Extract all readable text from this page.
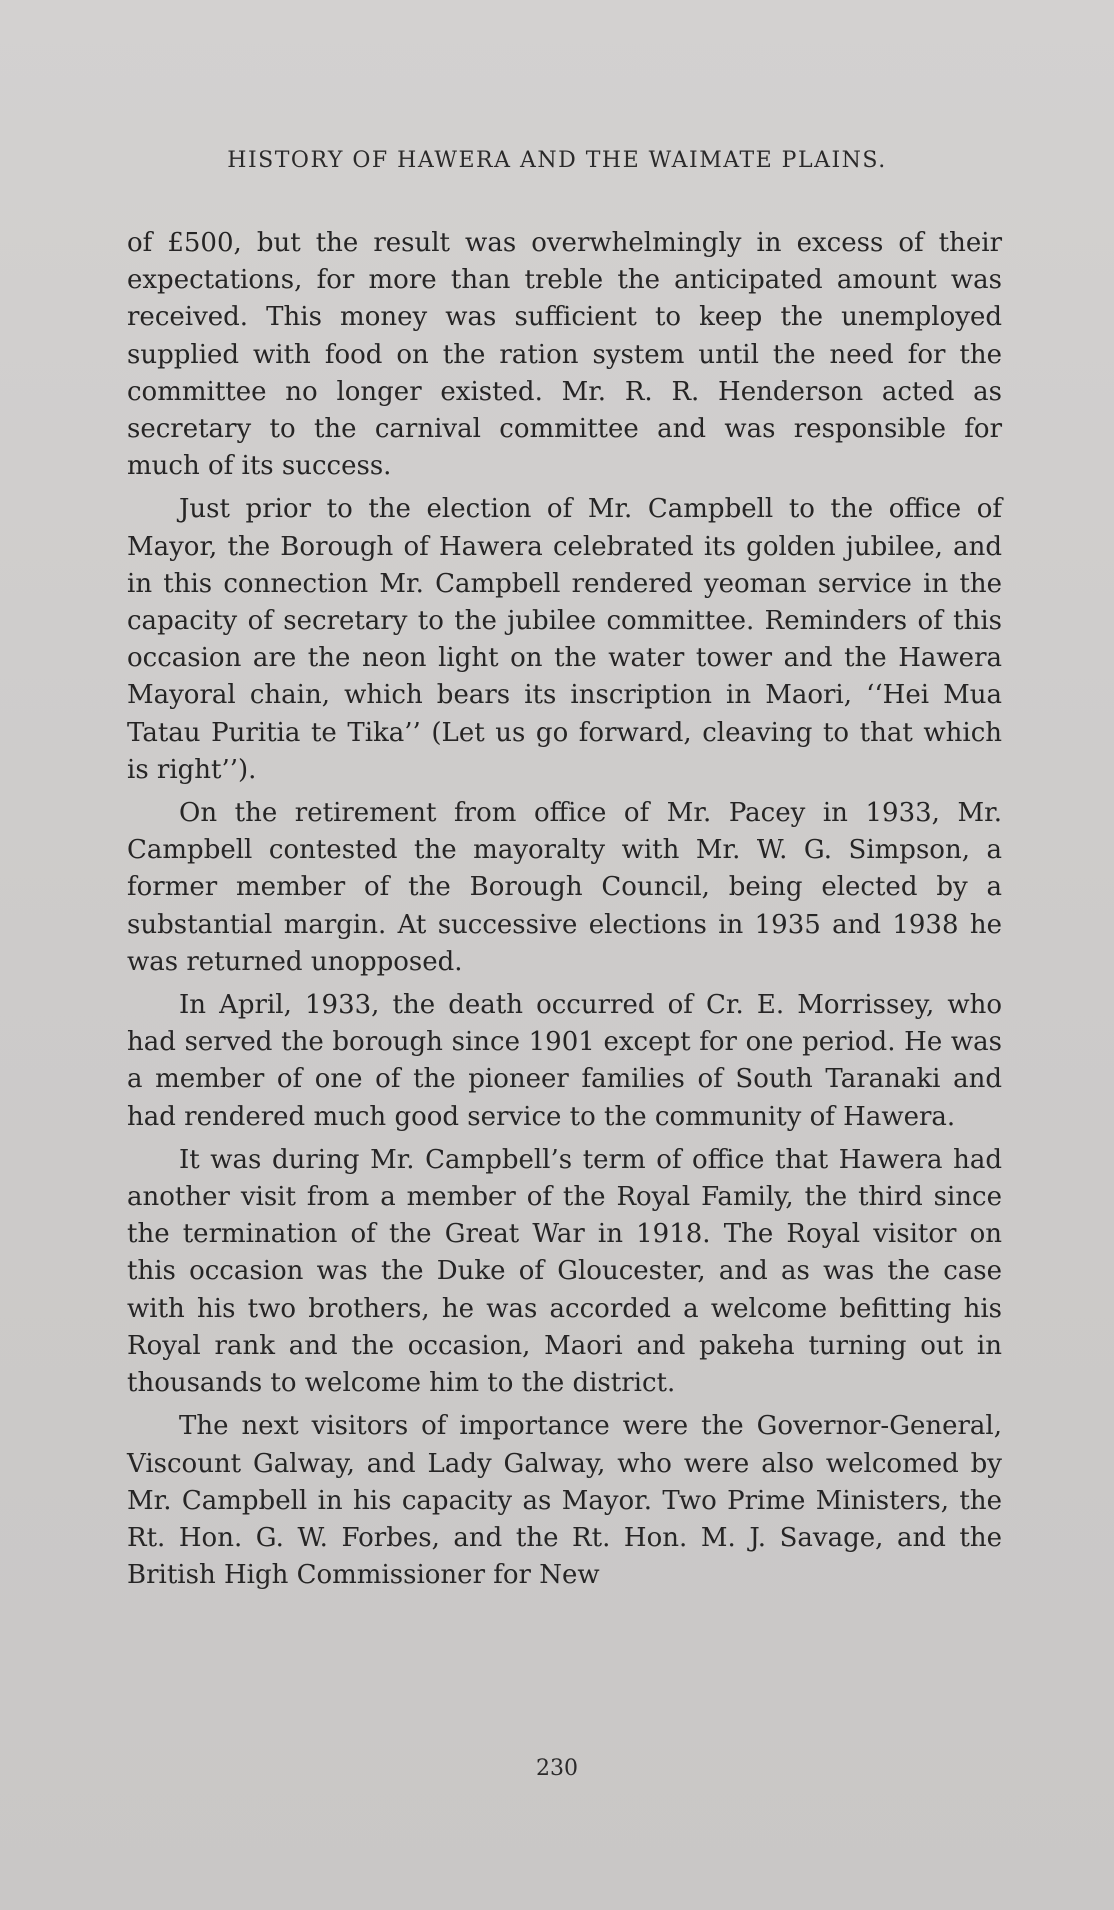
HISTORY OF HAWERA AND THE WAIMATE PLAINS.

of £500, but the result was overwhelmingly in excess of their expectations, for more than treble the anticipated amount was received. This money was sufficient to keep the unemployed supplied with food on the ration system until the need for the committee no longer existed. Mr. R. R. Henderson acted as secretary to the carnival committee and was responsible for much of its success.

Just prior to the election of Mr. Campbell to the office of Mayor, the Borough of Hawera celebrated its golden jubilee, and in this connection Mr. Campbell rendered yeoman service in the capacity of secretary to the jubilee committee. Reminders of this occasion are the neon light on the water tower and the Hawera Mayoral chain, which bears its inscription in Maori, ‘‘Hei Mua Tatau Puritia te Tika’’ (Let us go forward, cleaving to that which is right’’).

On the retirement from office of Mr. Pacey in 1933, Mr. Campbell contested the mayoralty with Mr. W. G. Simpson, a former member of the Borough Council, being elected by a substantial margin. At successive elections in 1935 and 1938 he was returned unopposed.

In April, 1933, the death occurred of Cr. E. Morrissey, who had served the borough since 1901 except for one period. He was a member of one of the pioneer families of South Taranaki and had rendered much good service to the community of Hawera.

It was during Mr. Campbell’s term of office that Hawera had another visit from a member of the Royal Family, the third since the termination of the Great War in 1918. The Royal visitor on this occasion was the Duke of Gloucester, and as was the case with his two brothers, he was accorded a welcome befitting his Royal rank and the occasion, Maori and pakeha turning out in thousands to welcome him to the district.

The next visitors of importance were the Governor-General, Viscount Galway, and Lady Galway, who were also welcomed by Mr. Campbell in his capacity as Mayor. Two Prime Ministers, the Rt. Hon. G. W. Forbes, and the Rt. Hon. M. J. Savage, and the British High Commissioner for New

230
